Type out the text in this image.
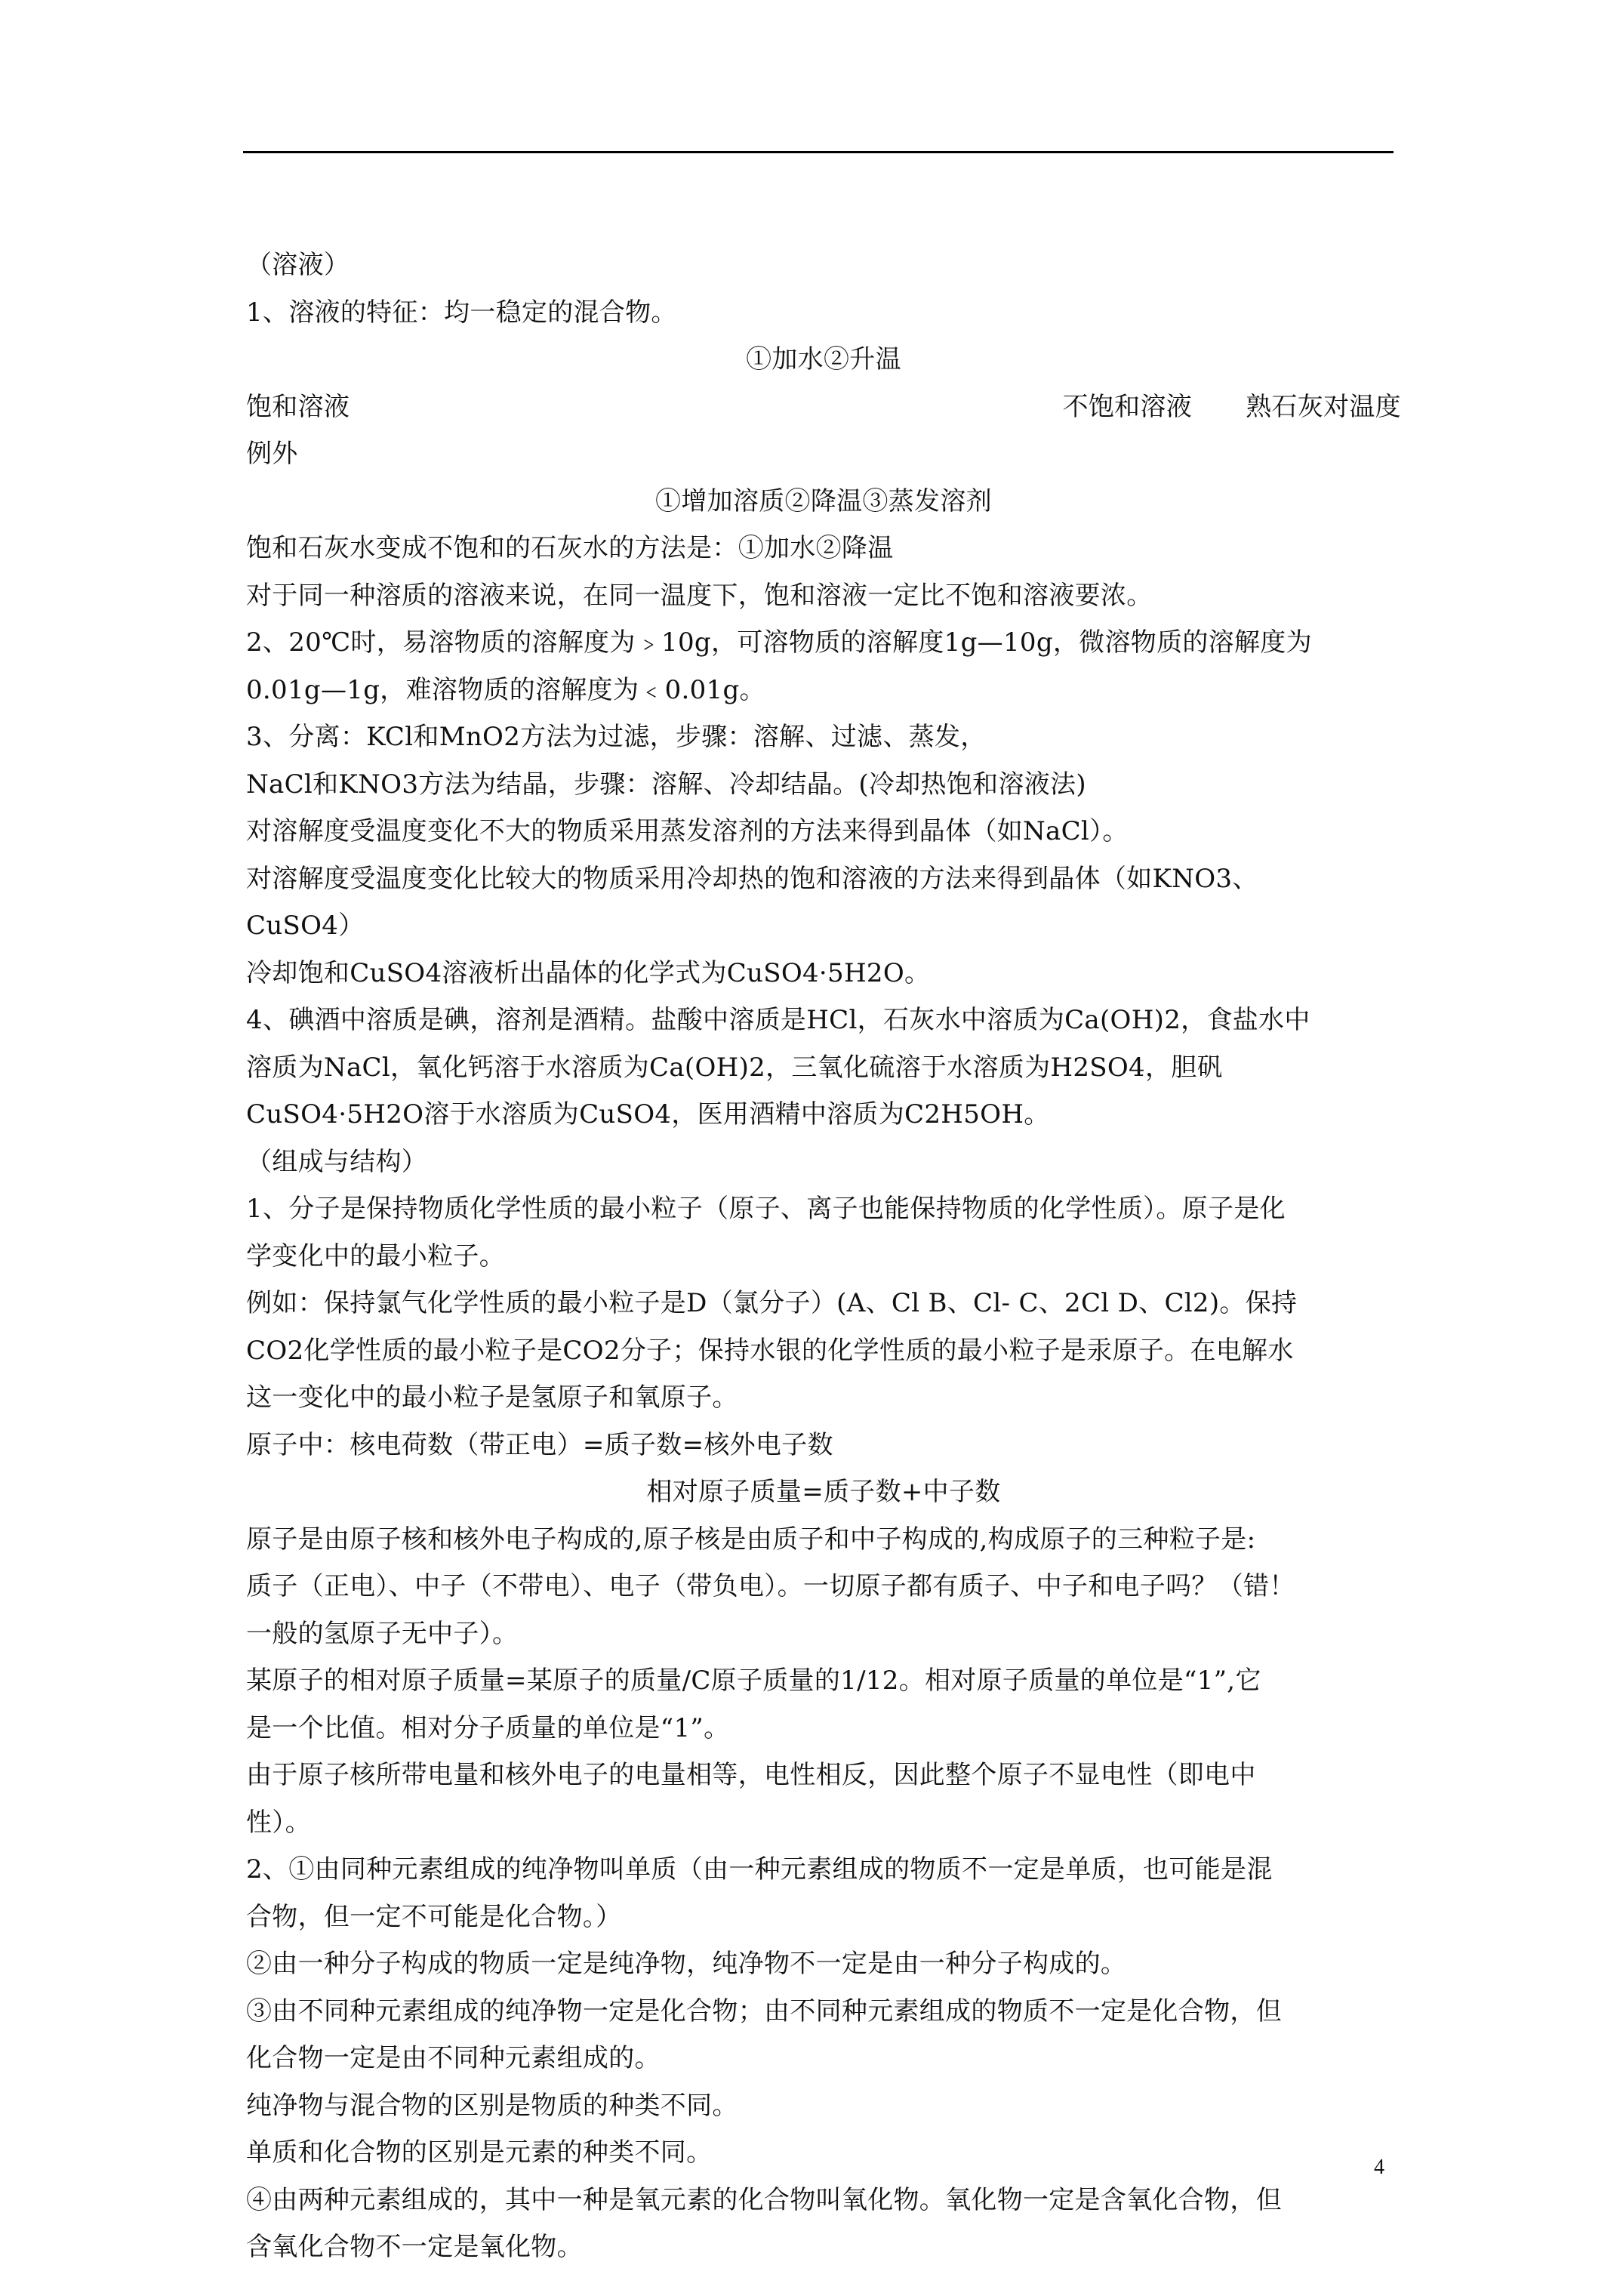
（溶液）
1、溶液的特征：均一稳定的混合物。
①加水②升温
饱和溶液	不饱和溶液 熟石灰对温度
例外
①增加溶质②降温③蒸发溶剂
饱和石灰水变成不饱和的石灰水的方法是：①加水②降温
对于同一种溶质的溶液来说，在同一温度下，饱和溶液一定比不饱和溶液要浓。
2、20℃时，易溶物质的溶解度为﹥10g，可溶物质的溶解度1g—10g，微溶物质的溶解度为
0.01g—1g，难溶物质的溶解度为﹤0.01g。
3、分离：KCl和MnO2方法为过滤，步骤：溶解、过滤、蒸发，
NaCl和KNO3方法为结晶，步骤：溶解、冷却结晶。(冷却热饱和溶液法)
对溶解度受温度变化不大的物质采用蒸发溶剂的方法来得到晶体（如NaCl）。
对溶解度受温度变化比较大的物质采用冷却热的饱和溶液的方法来得到晶体（如KNO3、
CuSO4）
冷却饱和CuSO4溶液析出晶体的化学式为CuSO4·5H2O。
4、碘酒中溶质是碘，溶剂是酒精。盐酸中溶质是HCl，石灰水中溶质为Ca(OH)2，食盐水中
溶质为NaCl，氧化钙溶于水溶质为Ca(OH)2，三氧化硫溶于水溶质为H2SO4，胆矾
CuSO4·5H2O溶于水溶质为CuSO4，医用酒精中溶质为C2H5OH。
（组成与结构）
1、分子是保持物质化学性质的最小粒子（原子、离子也能保持物质的化学性质）。原子是化
学变化中的最小粒子。
例如：保持氯气化学性质的最小粒子是D（氯分子）(A、Cl B、Cl- C、2Cl D、Cl2)。保持
CO2化学性质的最小粒子是CO2分子；保持水银的化学性质的最小粒子是汞原子。在电解水
这一变化中的最小粒子是氢原子和氧原子。
原子中：核电荷数（带正电）=质子数=核外电子数
相对原子质量=质子数+中子数
原子是由原子核和核外电子构成的,原子核是由质子和中子构成的,构成原子的三种粒子是:
质子（正电）、中子（不带电）、电子（带负电）。一切原子都有质子、中子和电子吗？（错！
一般的氢原子无中子）。
某原子的相对原子质量=某原子的质量/C原子质量的1/12。相对原子质量的单位是“1”,它
是一个比值。相对分子质量的单位是“1”。
由于原子核所带电量和核外电子的电量相等，电性相反，因此整个原子不显电性（即电中
性）。
2、①由同种元素组成的纯净物叫单质（由一种元素组成的物质不一定是单质，也可能是混
合物，但一定不可能是化合物。）
②由一种分子构成的物质一定是纯净物，纯净物不一定是由一种分子构成的。
③由不同种元素组成的纯净物一定是化合物；由不同种元素组成的物质不一定是化合物，但
化合物一定是由不同种元素组成的。
纯净物与混合物的区别是物质的种类不同。
单质和化合物的区别是元素的种类不同。
④由两种元素组成的，其中一种是氧元素的化合物叫氧化物。氧化物一定是含氧化合物，但
含氧化合物不一定是氧化物。
4
